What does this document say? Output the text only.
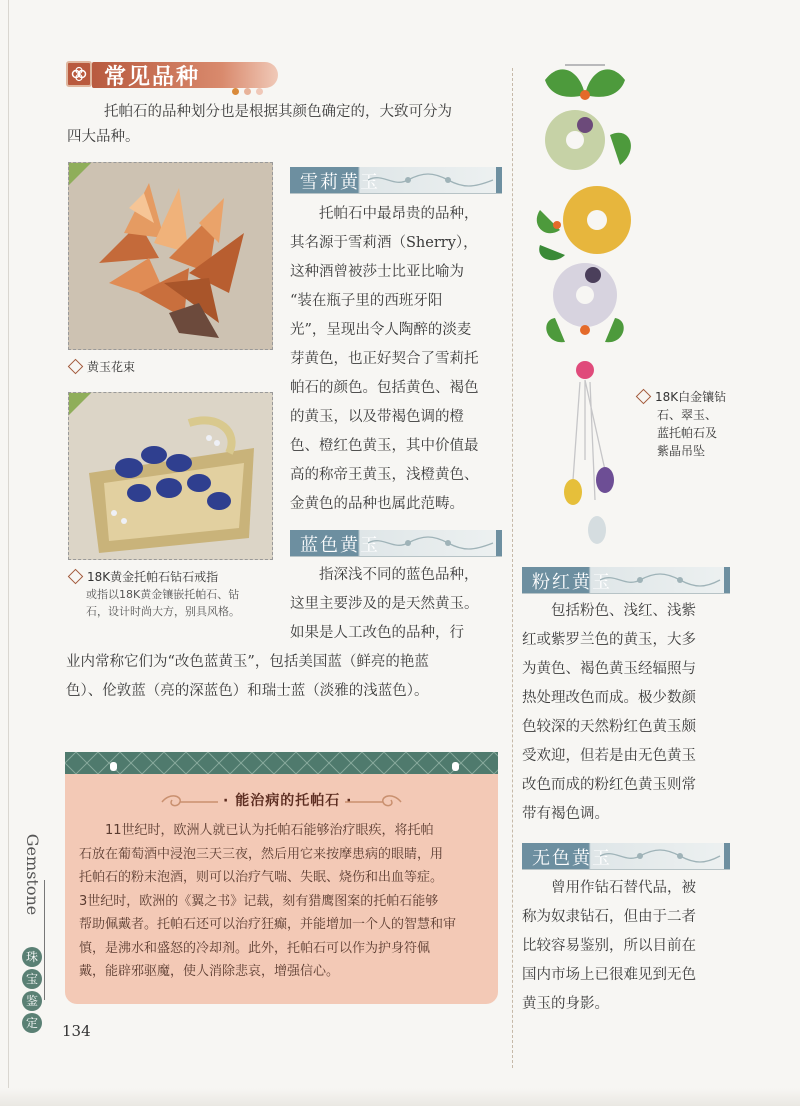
常见品种
托帕石的品种划分也是根据其颜色确定的，大致可分为
四大品种。
黄玉花束
18K黄金托帕石钻石戒指
或指以18K黄金镶嵌托帕石、钻
石，设计时尚大方，别具风格。
雪莉黄玉
托帕石中最昂贵的品种，
其名源于雪莉酒（Sherry），
这种酒曾被莎士比亚比喻为
“装在瓶子里的西班牙阳
光”，呈现出令人陶醉的淡麦
芽黄色，也正好契合了雪莉托
帕石的颜色。包括黄色、褐色
的黄玉，以及带褐色调的橙
色、橙红色黄玉，其中价值最
高的称帝王黄玉，浅橙黄色、
金黄色的品种也属此范畴。
蓝色黄玉
指深浅不同的蓝色品种，
这里主要涉及的是天然黄玉。
如果是人工改色的品种，行
业内常称它们为“改色蓝黄玉”，包括美国蓝（鲜亮的艳蓝
色）、伦敦蓝（亮的深蓝色）和瑞士蓝（淡雅的浅蓝色）。
18K白金镶钻
石、翠玉、
蓝托帕石及
紫晶吊坠
粉红黄玉
包括粉色、浅红、浅紫
红或紫罗兰色的黄玉，大多
为黄色、褐色黄玉经辐照与
热处理改色而成。极少数颜
色较深的天然粉红色黄玉颇
受欢迎，但若是由无色黄玉
改色而成的粉红色黄玉则常
带有褐色调。
无色黄玉
曾用作钻石替代品，被
称为奴隶钻石，但由于二者
比较容易鉴别，所以目前在
国内市场上已很难见到无色
黄玉的身影。
· 能治病的托帕石 ·
11世纪时，欧洲人就已认为托帕石能够治疗眼疾，将托帕
石放在葡萄酒中浸泡三天三夜，然后用它来按摩患病的眼睛，用
托帕石的粉末泡酒，则可以治疗气喘、失眠、烧伤和出血等症。
3世纪时，欧洲的《翼之书》记载，刻有猎鹰图案的托帕石能够
帮助佩戴者。托帕石还可以治疗狂癫，并能增加一个人的智慧和审
慎，是沸水和盛怒的冷却剂。此外，托帕石可以作为护身符佩
戴，能辟邪驱魔，使人消除悲哀，增强信心。
Gemstone
珠
宝
鉴
定 134
